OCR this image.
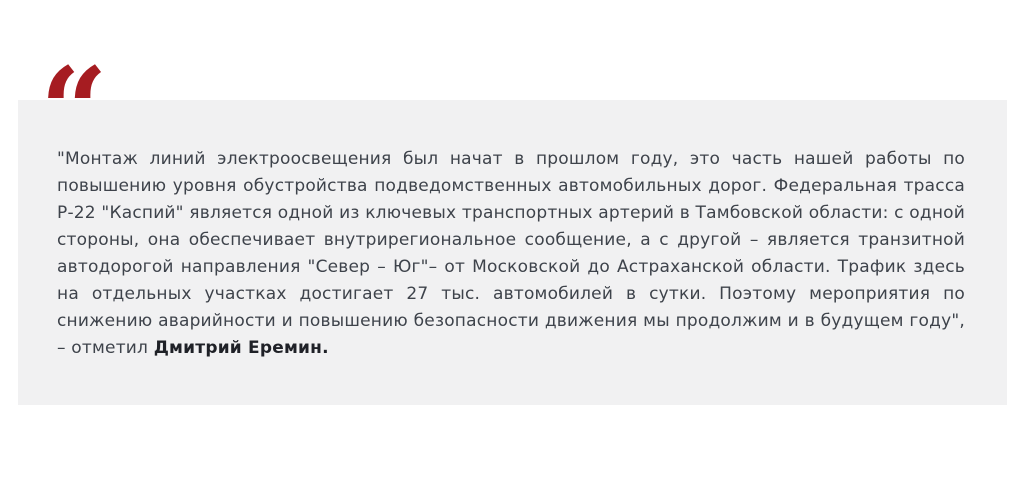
“

"Монтаж линий электроосвещения был начат в прошлом году, это часть нашей работы по повышению уровня обустройства подведомственных автомобильных дорог. Федеральная трасса Р-22 "Каспий" является одной из ключевых транспортных артерий в Тамбовской области: с одной стороны, она обеспечивает внутрирегиональное сообщение, а с другой – является транзитной автодорогой направления "Север – Юг"– от Московской до Астраханской области. Трафик здесь на отдельных участках достигает 27 тыс. автомобилей в сутки. Поэтому мероприятия по снижению аварийности и повышению безопасности движения мы продолжим и в будущем году", – отметил Дмитрий Еремин.
